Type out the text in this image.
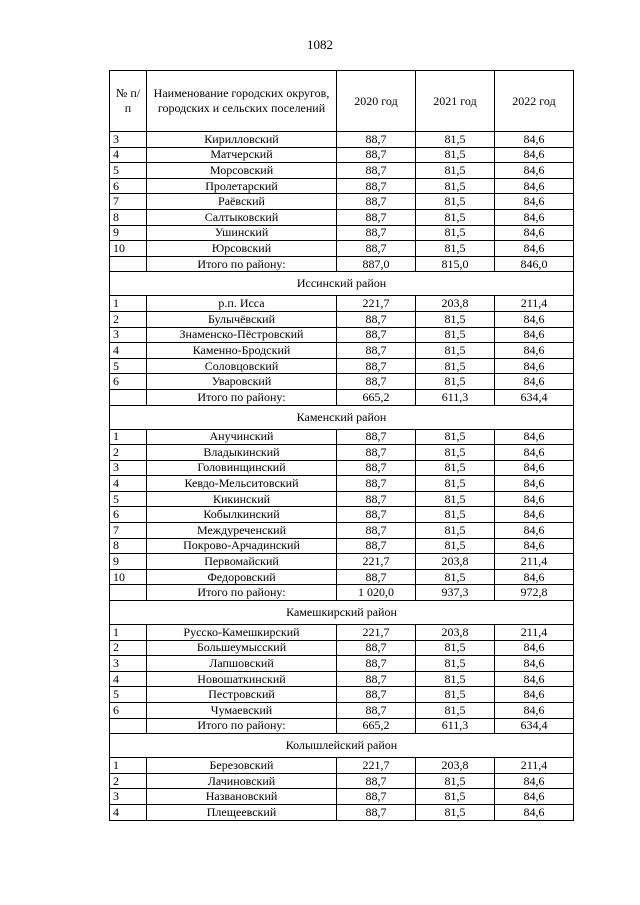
1082
№ п/п	Наименование городских округов, городских и сельских поселений	2020 год	2021 год	2022 год
3	Кирилловский	88,7	81,5	84,6
4	Матчерский	88,7	81,5	84,6
5	Морсовский	88,7	81,5	84,6
6	Пролетарский	88,7	81,5	84,6
7	Раёвский	88,7	81,5	84,6
8	Салтыковский	88,7	81,5	84,6
9	Ушинский	88,7	81,5	84,6
10	Юрсовский	88,7	81,5	84,6
	Итого по району:	887,0	815,0	846,0
Иссинский район				
1	р.п. Исса	221,7	203,8	211,4
2	Булычёвский	88,7	81,5	84,6
3	Знаменско-Пёстровский	88,7	81,5	84,6
4	Каменно-Бродский	88,7	81,5	84,6
5	Соловцовский	88,7	81,5	84,6
6	Уваровский	88,7	81,5	84,6
	Итого по району:	665,2	611,3	634,4
Каменский район				
1	Анучинский	88,7	81,5	84,6
2	Владыкинский	88,7	81,5	84,6
3	Головинщинский	88,7	81,5	84,6
4	Кевдо-Мельситовский	88,7	81,5	84,6
5	Кикинский	88,7	81,5	84,6
6	Кобылкинский	88,7	81,5	84,6
7	Междуреченский	88,7	81,5	84,6
8	Покрово-Арчадинский	88,7	81,5	84,6
9	Первомайский	221,7	203,8	211,4
10	Федоровский	88,7	81,5	84,6
	Итого по району:	1 020,0	937,3	972,8
Камешкирский район				
1	Русско-Камешкирский	221,7	203,8	211,4
2	Большеумысский	88,7	81,5	84,6
3	Лапшовский	88,7	81,5	84,6
4	Новошаткинский	88,7	81,5	84,6
5	Пестровский	88,7	81,5	84,6
6	Чумаевский	88,7	81,5	84,6
	Итого по району:	665,2	611,3	634,4
Колышлейский район				
1	Березовский	221,7	203,8	211,4
2	Лачиновский	88,7	81,5	84,6
3	Названовский	88,7	81,5	84,6
4	Плещеевский	88,7	81,5	84,6
